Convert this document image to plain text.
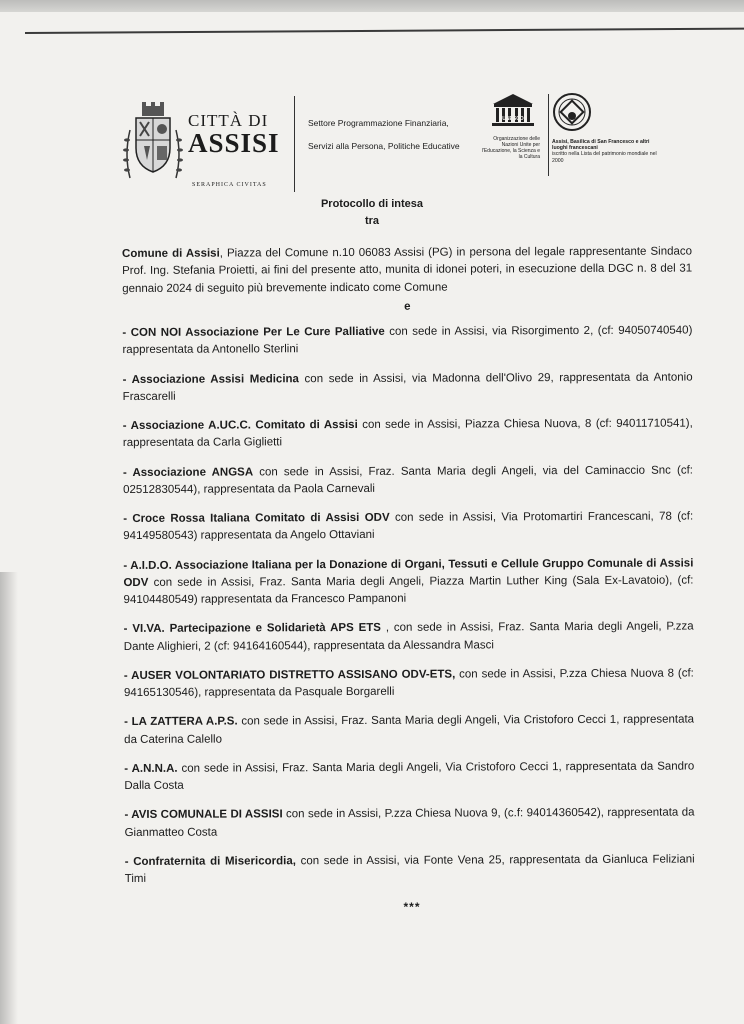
CITTÀ DI
ASSISI
SERAPHICA CIVITAS
Settore Programmazione Finanziaria,
Servizi alla Persona, Politiche Educative
UNESCO
Organizzazione delle Nazioni Unite per l'Educazione, la Scienza e la Cultura
Assisi, Basilica di San Francesco e altri luoghi francescani
iscritto nella Lista del patrimonio mondiale nel 2000
Protocollo di intesa
tra

Comune di Assisi, Piazza del Comune n.10 06083 Assisi (PG) in persona del legale rappresentante Sindaco Prof. Ing. Stefania Proietti, ai fini del presente atto, munita di idonei poteri, in esecuzione della DGC n. 8 del 31 gennaio 2024 di seguito più brevemente indicato come Comune

e

- CON NOI Associazione Per Le Cure Palliative con sede in Assisi, via Risorgimento 2, (cf: 94050740540) rappresentata da Antonello Sterlini

- Associazione Assisi Medicina con sede in Assisi, via Madonna dell'Olivo 29, rappresentata da Antonio Frascarelli

- Associazione A.UC.C. Comitato di Assisi con sede in Assisi, Piazza Chiesa Nuova, 8 (cf: 94011710541), rappresentata da Carla Giglietti

- Associazione ANGSA con sede in Assisi, Fraz. Santa Maria degli Angeli, via del Caminaccio Snc (cf: 02512830544), rappresentata da Paola Carnevali

- Croce Rossa Italiana Comitato di Assisi ODV con sede in Assisi, Via Protomartiri Francescani, 78 (cf: 94149580543) rappresentata da Angelo Ottaviani

- A.I.D.O. Associazione Italiana per la Donazione di Organi, Tessuti e Cellule Gruppo Comunale di Assisi ODV con sede in Assisi, Fraz. Santa Maria degli Angeli, Piazza Martin Luther King (Sala Ex-Lavatoio), (cf: 94104480549) rappresentata da Francesco Pampanoni

- VI.VA. Partecipazione e Solidarietà APS ETS , con sede in Assisi, Fraz. Santa Maria degli Angeli, P.zza Dante Alighieri, 2 (cf: 94164160544), rappresentata da Alessandra Masci

- AUSER VOLONTARIATO DISTRETTO ASSISANO ODV-ETS, con sede in Assisi, P.zza Chiesa Nuova 8 (cf: 94165130546), rappresentata da Pasquale Borgarelli

- LA ZATTERA A.P.S. con sede in Assisi, Fraz. Santa Maria degli Angeli, Via Cristoforo Cecci 1, rappresentata da Caterina Calello

- A.N.N.A. con sede in Assisi, Fraz. Santa Maria degli Angeli, Via Cristoforo Cecci 1, rappresentata da Sandro Dalla Costa

- AVIS COMUNALE DI ASSISI con sede in Assisi, P.zza Chiesa Nuova 9, (c.f: 94014360542), rappresentata da Gianmatteo Costa

- Confraternita di Misericordia, con sede in Assisi, via Fonte Vena 25, rappresentata da Gianluca Feliziani Timi

***
